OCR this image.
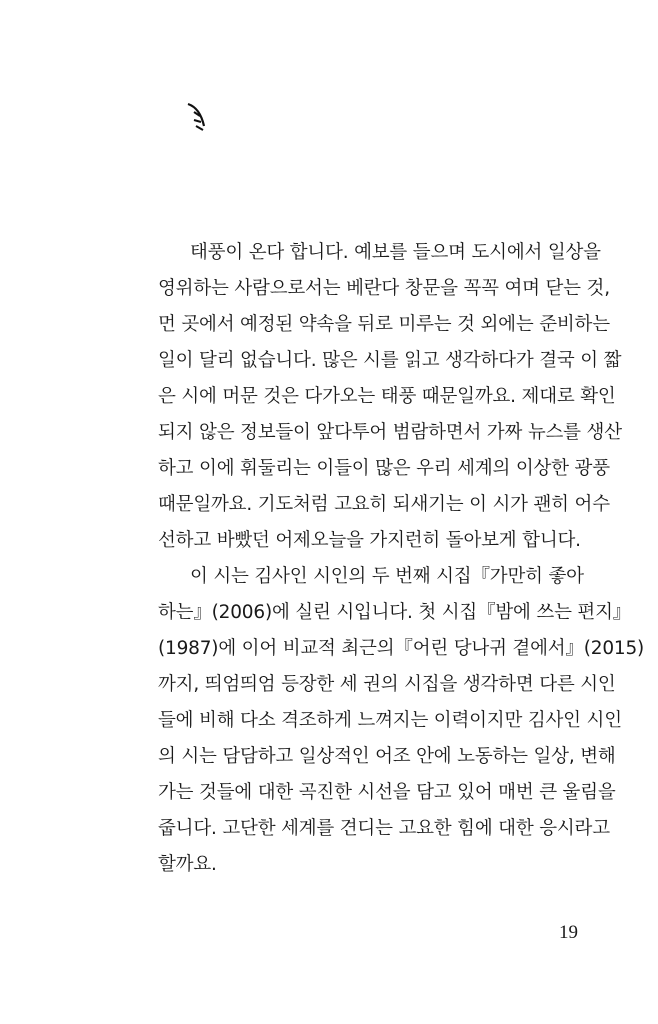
태풍이 온다 합니다. 예보를 들으며 도시에서 일상을
영위하는 사람으로서는 베란다 창문을 꼭꼭 여며 닫는 것,
먼 곳에서 예정된 약속을 뒤로 미루는 것 외에는 준비하는
일이 달리 없습니다. 많은 시를 읽고 생각하다가 결국 이 짧
은 시에 머문 것은 다가오는 태풍 때문일까요. 제대로 확인
되지 않은 정보들이 앞다투어 범람하면서 가짜 뉴스를 생산
하고 이에 휘둘리는 이들이 많은 우리 세계의 이상한 광풍
때문일까요. 기도처럼 고요히 되새기는 이 시가 괜히 어수
선하고 바빴던 어제오늘을 가지런히 돌아보게 합니다.
이 시는 김사인 시인의 두 번째 시집『가만히 좋아
하는』(2006)에 실린 시입니다. 첫 시집『밤에 쓰는 편지』
(1987)에 이어 비교적 최근의『어린 당나귀 곁에서』(2015)
까지, 띄엄띄엄 등장한 세 권의 시집을 생각하면 다른 시인
들에 비해 다소 격조하게 느껴지는 이력이지만 김사인 시인
의 시는 담담하고 일상적인 어조 안에 노동하는 일상, 변해
가는 것들에 대한 곡진한 시선을 담고 있어 매번 큰 울림을
줍니다. 고단한 세계를 견디는 고요한 힘에 대한 응시라고
할까요.
19
